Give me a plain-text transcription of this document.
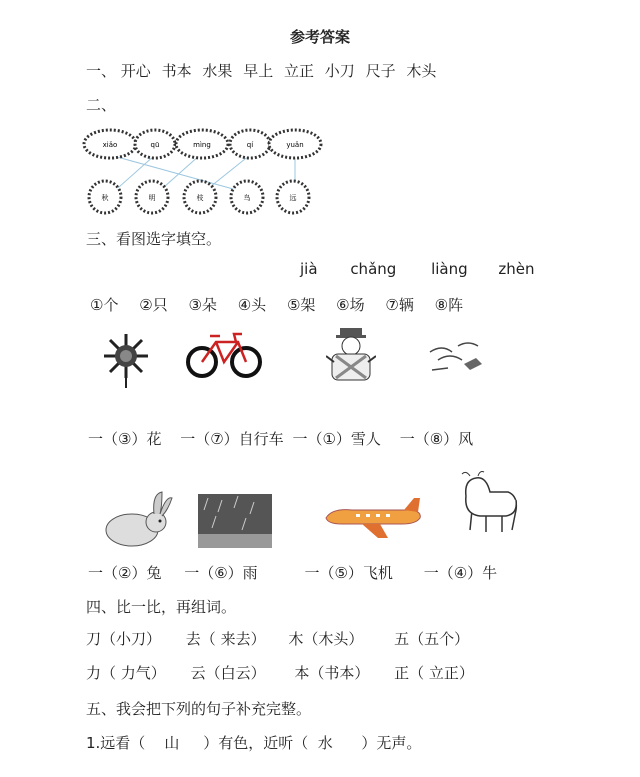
参考答案
一、 开心 书本 水果 早上 立正 小刀 尺子 木头
二、
xiǎo	qū	mìng	qí	yuǎn
秋	明	枝	鸟	远
三、看图选字填空。
jià chǎng liàng zhèn
①个 ②只 ③朵 ④头 ⑤架 ⑥场 ⑦辆 ⑧阵
一（③）花 一（⑦）自行车 一（①）雪人 一（⑧）风
一（②）兔 一（⑥）雨	一（⑤）飞机 一（④）牛
四、比一比，再组词。
刀（小刀） 去（ 来去） 木（木头） 五（五个）
力（ 力气） 云（白云） 本（书本） 正（ 立正）
五、我会把下列的句子补充完整。
1.远看（    山     ）有色，近听（  水      ）无声。
